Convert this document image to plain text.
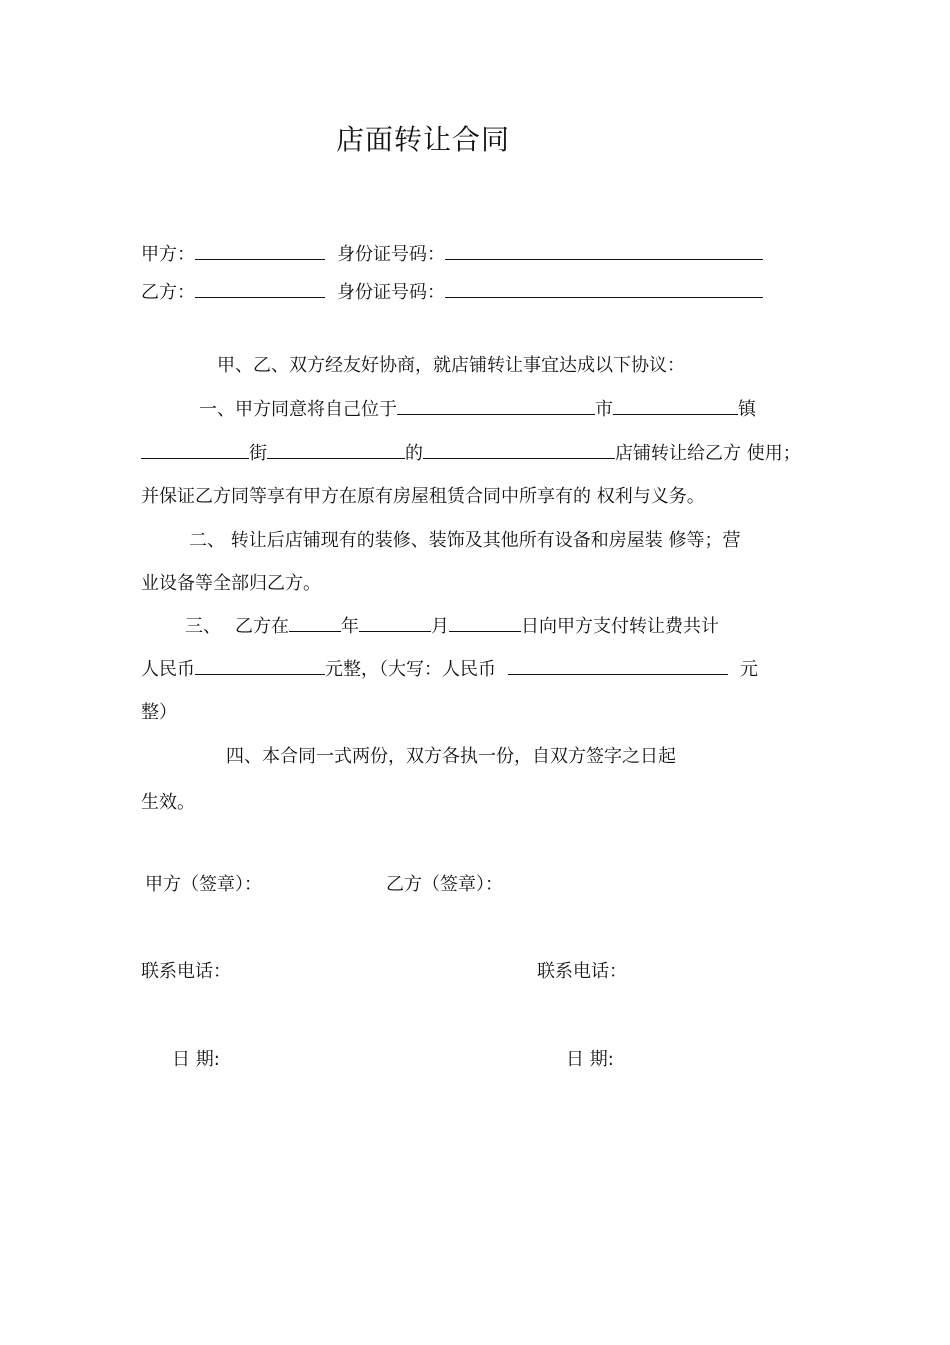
店面转让合同
甲方：	身份证号码：
乙方：	身份证号码：
甲、乙、双方经友好协商，就店铺转让事宜达成以下协议：
一、甲方同意将自己位于	市	镇
街	的	店铺转让给乙方 使用；
并保证乙方同等享有甲方在原有房屋租赁合同中所享有的 权利与义务。
二、 转让后店铺现有的装修、装饰及其他所有设备和房屋装 修等；营
业设备等全部归乙方。
三、 乙方在	年	月	日向甲方支付转让费共计
人民币	元整，（大写：人民币	元
整）
四、本合同一式两份，双方各执一份，自双方签字之日起
生效。
甲方（签章）：	乙方（签章）：
联系电话：	联系电话：
日 期:	日 期:
